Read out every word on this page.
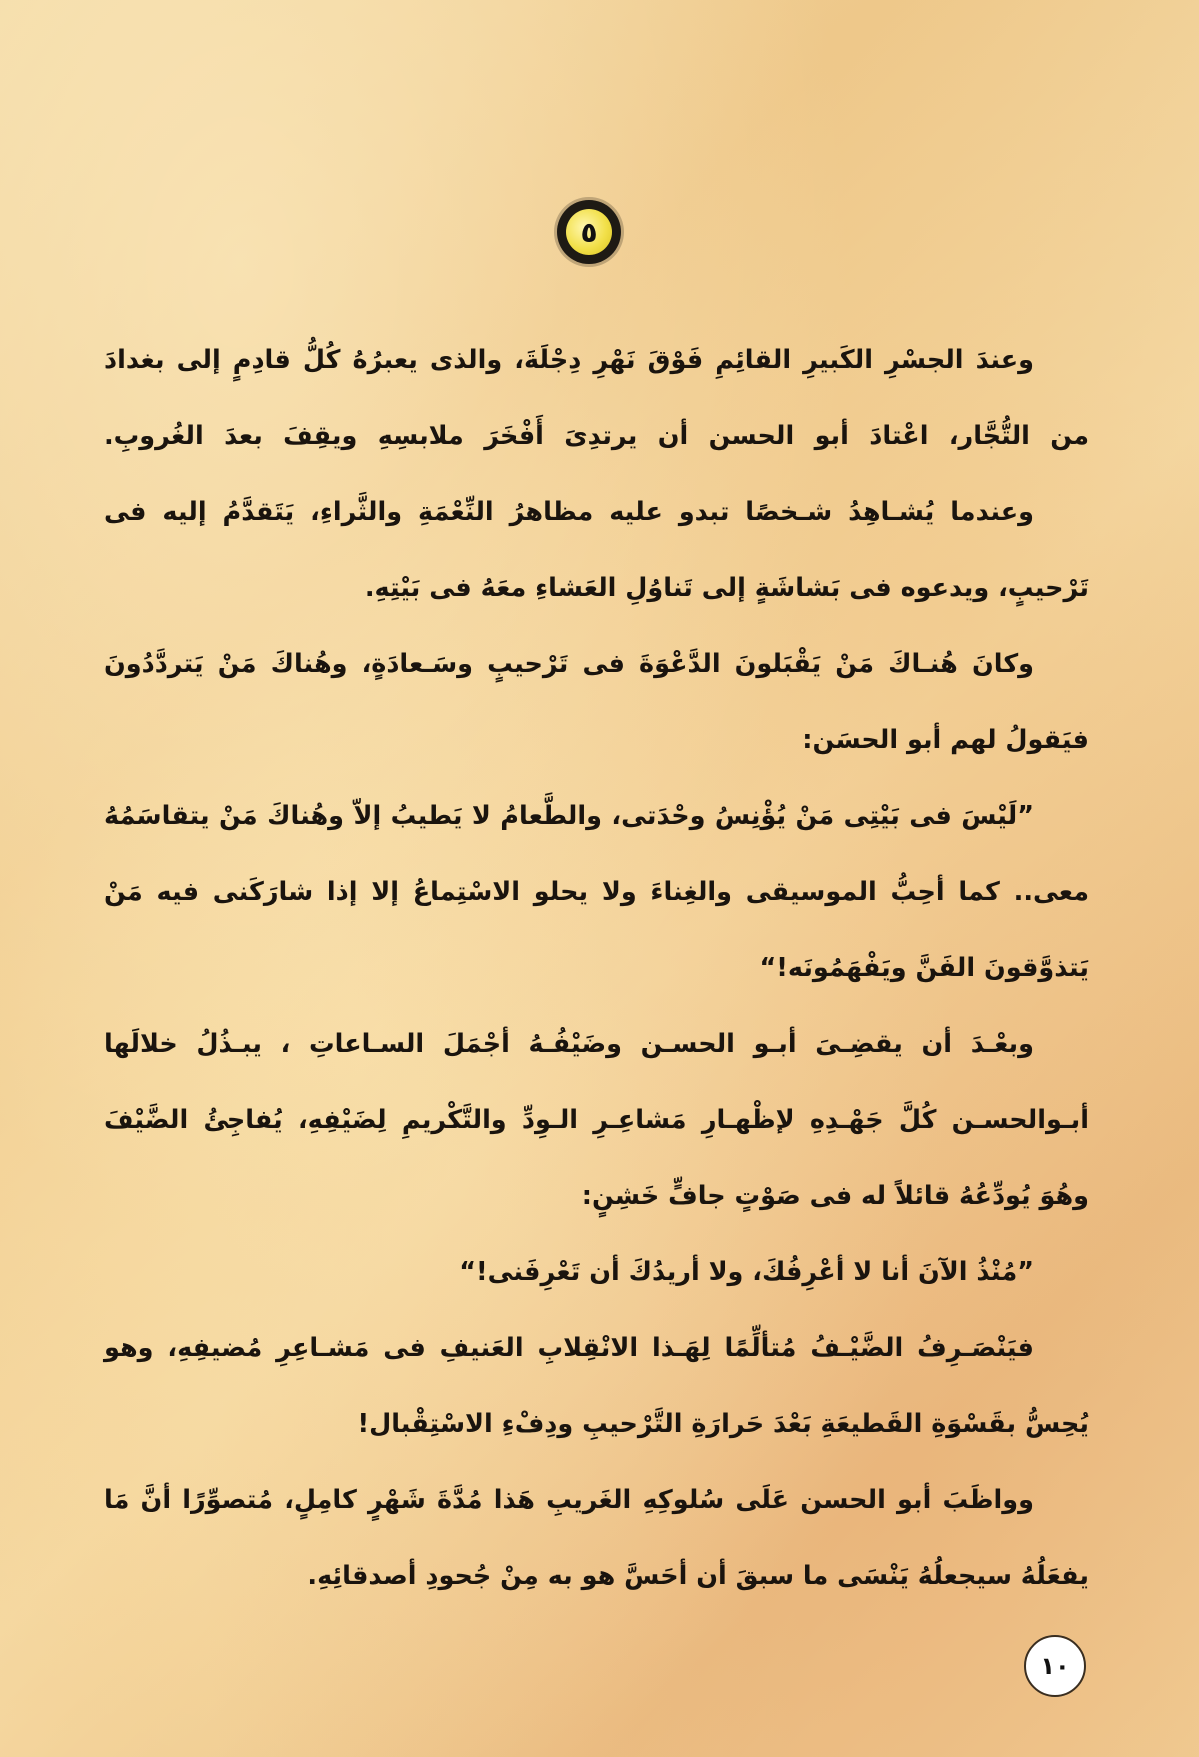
٥
وعندَ الجسْرِ الكَبيرِ القائِمِ فَوْقَ نَهْرِ دِجْلَةَ، والذى يعبرُهُ كُلُّ قادِمٍ إلى بغدادَ
من التُّجَّار، اعْتادَ أبو الحسن أن يرتدِىَ أَفْخَرَ ملابسِهِ ويقِفَ بعدَ الغُروبِ.
وعندما يُشـاهِدُ شـخصًا تبدو عليه مظاهرُ النِّعْمَةِ والثَّراءِ، يَتَقدَّمُ إليه فى
تَرْحيبٍ، ويدعوه فى بَشاشَةٍ إلى تَناوُلِ العَشاءِ معَهُ فى بَيْتِهِ.
وكانَ هُنـاكَ مَنْ يَقْبَلونَ الدَّعْوَةَ فى تَرْحيبٍ وسَـعادَةٍ، وهُناكَ مَنْ يَتردَّدُونَ
فيَقولُ لهم أبو الحسَن:
”لَيْسَ فى بَيْتِى مَنْ يُؤْنِسُ وحْدَتى، والطَّعامُ لا يَطيبُ إلاّ وهُناكَ مَنْ يتقاسَمُهُ
معى.. كما أحِبُّ الموسيقى والغِناءَ ولا يحلو الاسْتِماعُ إلا إذا شارَكَنى فيه مَنْ
يَتذوَّقونَ الفَنَّ ويَفْهَمُونَه!“
وبعْـدَ أن يقضِـىَ أبـو الحسـن وضَيْفُـهُ أجْمَلَ السـاعاتِ ، يبـذُلُ خلالَها
أبـوالحسـن كُلَّ جَهْـدِهِ لإظْهـارِ مَشاعِـرِ الـوِدِّ والتَّكْريمِ لِضَيْفِهِ، يُفاجِئُ الضَّيْفَ
وهُوَ يُودِّعُهُ قائلاً له فى صَوْتٍ جافٍّ خَشِنٍ:
”مُنْذُ الآنَ أنا لا أعْرِفُكَ، ولا أريدُكَ أن تَعْرِفَنى!“
فيَنْصَـرِفُ الضَّيْـفُ مُتألِّمًا لِهَـذا الانْقِلابِ العَنيفِ فى مَشـاعِرِ مُضيفِهِ، وهو
يُحِسُّ بقَسْوَةِ القَطيعَةِ بَعْدَ حَرارَةِ التَّرْحيبِ ودِفْءِ الاسْتِقْبال!
وواظَبَ أبو الحسن عَلَى سُلوكِهِ الغَريبِ هَذا مُدَّةَ شَهْرٍ كامِلٍ، مُتصوِّرًا أنَّ مَا
يفعَلُهُ سيجعلُهُ يَنْسَى ما سبقَ أن أحَسَّ هو به مِنْ جُحودِ أصدقائِهِ.
١٠
